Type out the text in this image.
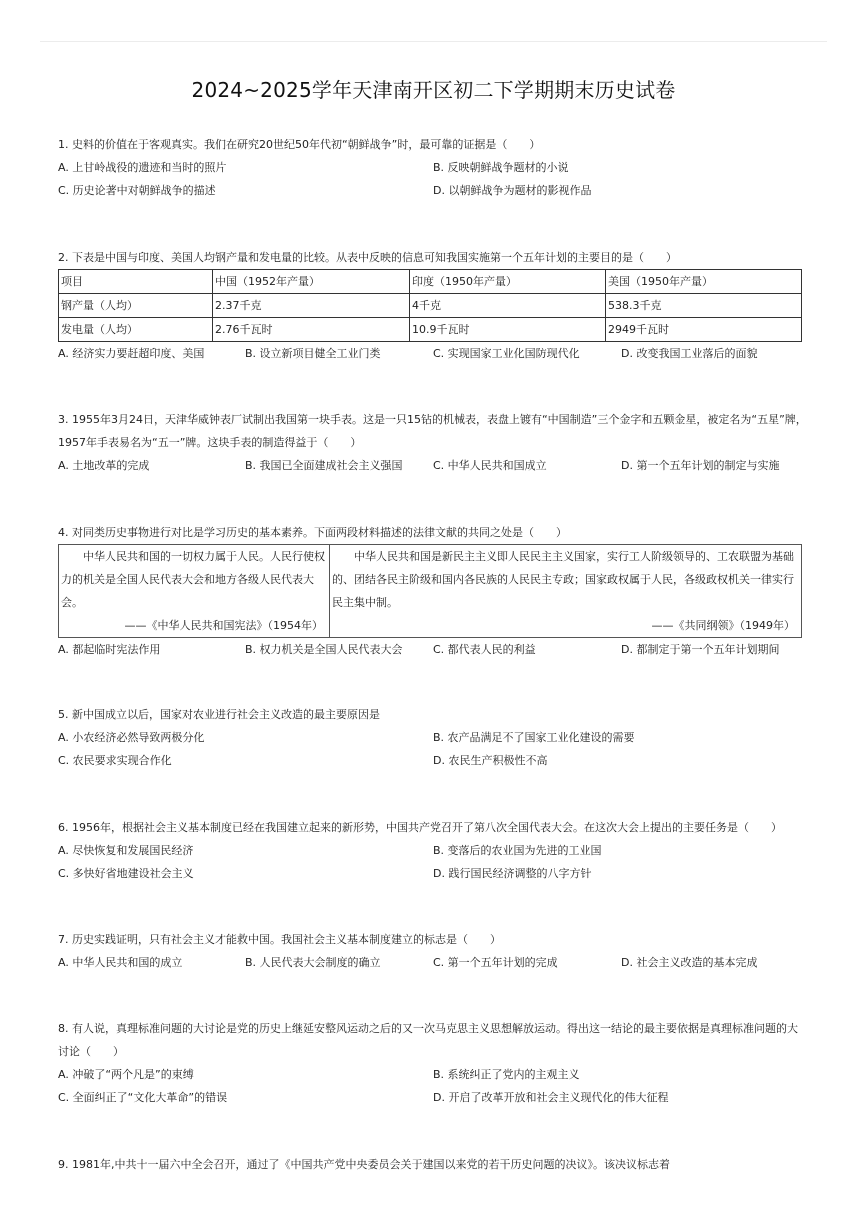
2024~2025学年天津南开区初二下学期期末历史试卷
1. 史料的价值在于客观真实。我们在研究20世纪50年代初“朝鲜战争”时，最可靠的证据是（　　）
A. 上甘岭战役的遗迹和当时的照片	B. 反映朝鲜战争题材的小说
C. 历史论著中对朝鲜战争的描述	D. 以朝鲜战争为题材的影视作品
2. 下表是中国与印度、美国人均钢产量和发电量的比较。从表中反映的信息可知我国实施第一个五年计划的主要目的是（　　）
项目	中国（1952年产量）	印度（1950年产量）	美国（1950年产量）
钢产量（人均）	2.37千克	4千克	538.3千克
发电量（人均）	2.76千瓦时	10.9千瓦时	2949千瓦时
A. 经济实力要赶超印度、美国	B. 设立新项目健全工业门类	C. 实现国家工业化国防现代化	D. 改变我国工业落后的面貌
3. 1955年3月24日，天津华威钟表厂试制出我国第一块手表。这是一只15钻的机械表，表盘上镀有“中国制造”三个金字和五颗金星，被定名为“五星”牌，1957年手表易名为“五一”牌。这块手表的制造得益于（　　）
A. 土地改革的完成	B. 我国已全面建成社会主义强国	C. 中华人民共和国成立	D. 第一个五年计划的制定与实施
4. 对同类历史事物进行对比是学习历史的基本素养。下面两段材料描述的法律文献的共同之处是（　　）
中华人民共和国的一切权力属于人民。人民行使权力的机关是全国人民代表大会和地方各级人民代表大会。
——《中华人民共和国宪法》（1954年）

中华人民共和国是新民主主义即人民民主主义国家，实行工人阶级领导的、工农联盟为基础的、团结各民主阶级和国内各民族的人民民主专政；国家政权属于人民，各级政权机关一律实行民主集中制。
——《共同纲领》（1949年）
A. 都起临时宪法作用	B. 权力机关是全国人民代表大会	C. 都代表人民的利益	D. 都制定于第一个五年计划期间
5. 新中国成立以后，国家对农业进行社会主义改造的最主要原因是
A. 小农经济必然导致两极分化	B. 农产品满足不了国家工业化建设的需要
C. 农民要求实现合作化	D. 农民生产积极性不高
6. 1956年，根据社会主义基本制度已经在我国建立起来的新形势，中国共产党召开了第八次全国代表大会。在这次大会上提出的主要任务是（　　）
A. 尽快恢复和发展国民经济	B. 变落后的农业国为先进的工业国
C. 多快好省地建设社会主义	D. 践行国民经济调整的八字方针
7. 历史实践证明，只有社会主义才能救中国。我国社会主义基本制度建立的标志是（　　）
A. 中华人民共和国的成立	B. 人民代表大会制度的确立	C. 第一个五年计划的完成	D. 社会主义改造的基本完成
8. 有人说，真理标准问题的大讨论是党的历史上继延安整风运动之后的又一次马克思主义思想解放运动。得出这一结论的最主要依据是真理标准问题的大讨论（　　）
A. 冲破了“两个凡是”的束缚	B. 系统纠正了党内的主观主义
C. 全面纠正了“文化大革命”的错误	D. 开启了改革开放和社会主义现代化的伟大征程
9. 1981年,中共十一届六中全会召开，通过了《中国共产党中央委员会关于建国以来党的若干历史问题的决议》。该决议标志着
